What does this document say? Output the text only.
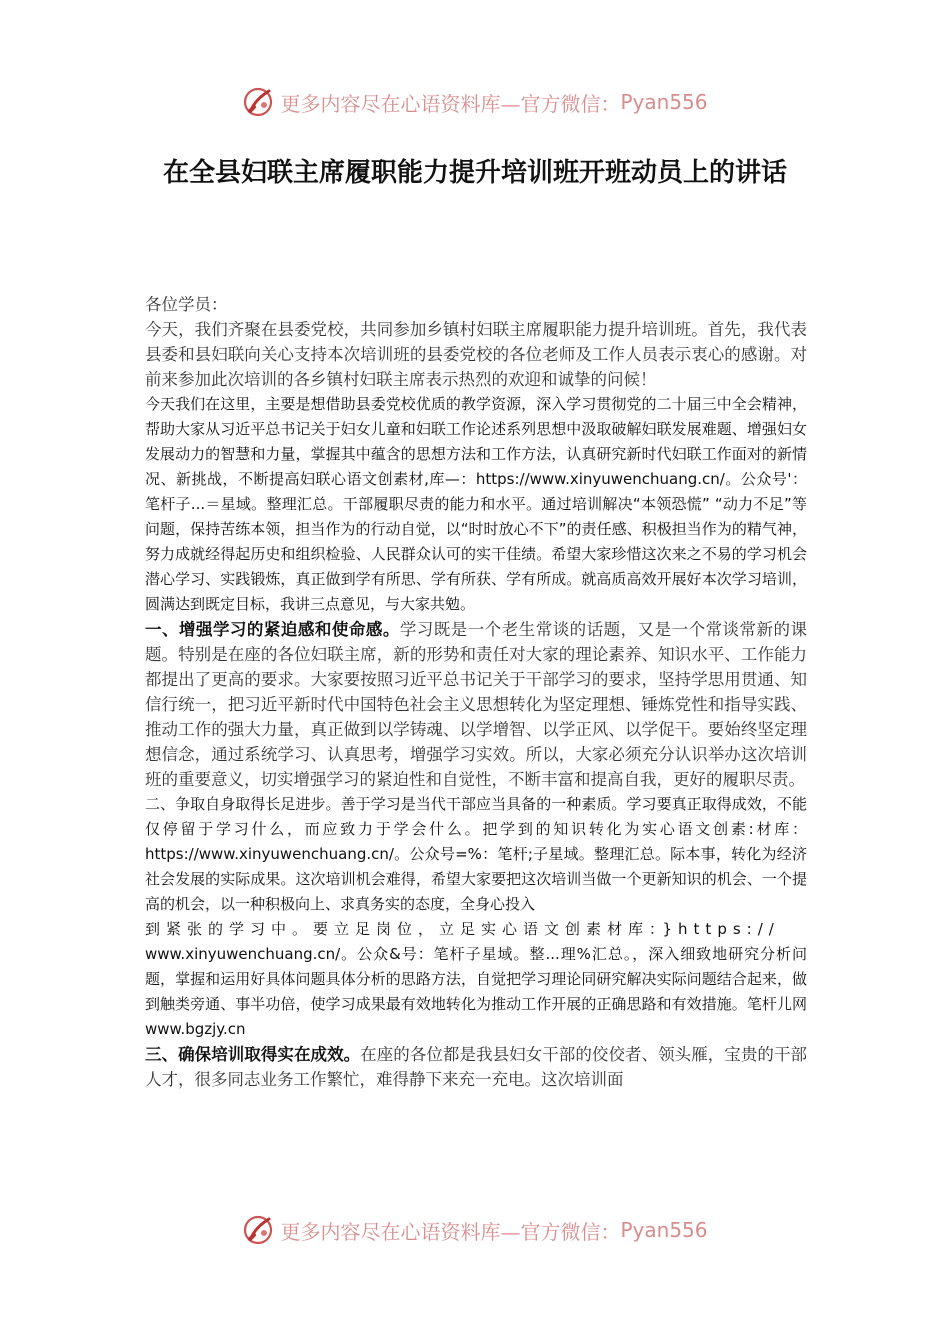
更多内容尽在心语资料库—官方微信： Pyan556
在全县妇联主席履职能力提升培训班开班动员上的讲话

各位学员：

今天，我们齐聚在县委党校，共同参加乡镇村妇联主席履职能力提升培训班。首先，我代表县委和县妇联向关心支持本次培训班的县委党校的各位老师及工作人员表示衷心的感谢。对前来参加此次培训的各乡镇村妇联主席表示热烈的欢迎和诚挚的问候！

今天我们在这里，主要是想借助县委党校优质的教学资源，深入学习贯彻党的二十届三中全会精神，帮助大家从习近平总书记关于妇女儿童和妇联工作论述系列思想中汲取破解妇联发展难题、增强妇女发展动力的智慧和力量，掌握其中蕴含的思想方法和工作方法，认真研究新时代妇联工作面对的新情况、新挑战，不断提高妇联心语文创素材,库—：https://www.xinyuwenchuang.cn/。公众号'：笔杆子...＝星域。整理汇总。干部履职尽责的能力和水平。通过培训解决“本领恐慌” “动力不足”等问题，保持苦练本领，担当作为的行动自觉，以“时时放心不下”的责任感、积极担当作为的精气神，努力成就经得起历史和组织检验、人民群众认可的实干佳绩。希望大家珍惜这次来之不易的学习机会潜心学习、实践锻炼，真正做到学有所思、学有所获、学有所成。就高质高效开展好本次学习培训，圆满达到既定目标，我讲三点意见，与大家共勉。

一、增强学习的紧迫感和使命感。学习既是一个老生常谈的话题，又是一个常谈常新的课题。特别是在座的各位妇联主席，新的形势和责任对大家的理论素养、知识水平、工作能力都提出了更高的要求。大家要按照习近平总书记关于干部学习的要求，坚持学思用贯通、知信行统一，把习近平新时代中国特色社会主义思想转化为坚定理想、锤炼党性和指导实践、推动工作的强大力量，真正做到以学铸魂、以学增智、以学正风、以学促干。要始终坚定理想信念，通过系统学习、认真思考，增强学习实效。所以，大家必须充分认识举办这次培训班的重要意义，切实增强学习的紧迫性和自觉性，不断丰富和提高自我，更好的履职尽责。

二、争取自身取得长足进步。善于学习是当代干部应当具备的一种素质。学习要真正取得成效，不能仅停留于学习什么，而应致力于学会什么。把学到的知识转化为实心语文创素:材库：https://www.xinyuwenchuang.cn/。公众号=%：笔杆;子星域。整理汇总。际本事，转化为经济社会发展的实际成果。这次培训机会难得，希望大家要把这次培训当做一个更新知识的机会、一个提高的机会，以一种积极向上、求真务实的态度，全身心投入

到紧张的学习中。要立足岗位，立足实心语文创素材库：}https://

www.xinyuwenchuang.cn/。公众&号：笔杆子星域。整...理%汇总。，深入细致地研究分析问题，掌握和运用好具体问题具体分析的思路方法，自觉把学习理论同研究解决实际问题结合起来，做到触类旁通、事半功倍，使学习成果最有效地转化为推动工作开展的正确思路和有效措施。笔杆儿网 www.bgzjy.cn

三、确保培训取得实在成效。在座的各位都是我县妇女干部的佼佼者、领头雁，宝贵的干部人才，很多同志业务工作繁忙，难得静下来充一充电。这次培训面

更多内容尽在心语资料库—官方微信： Pyan556
